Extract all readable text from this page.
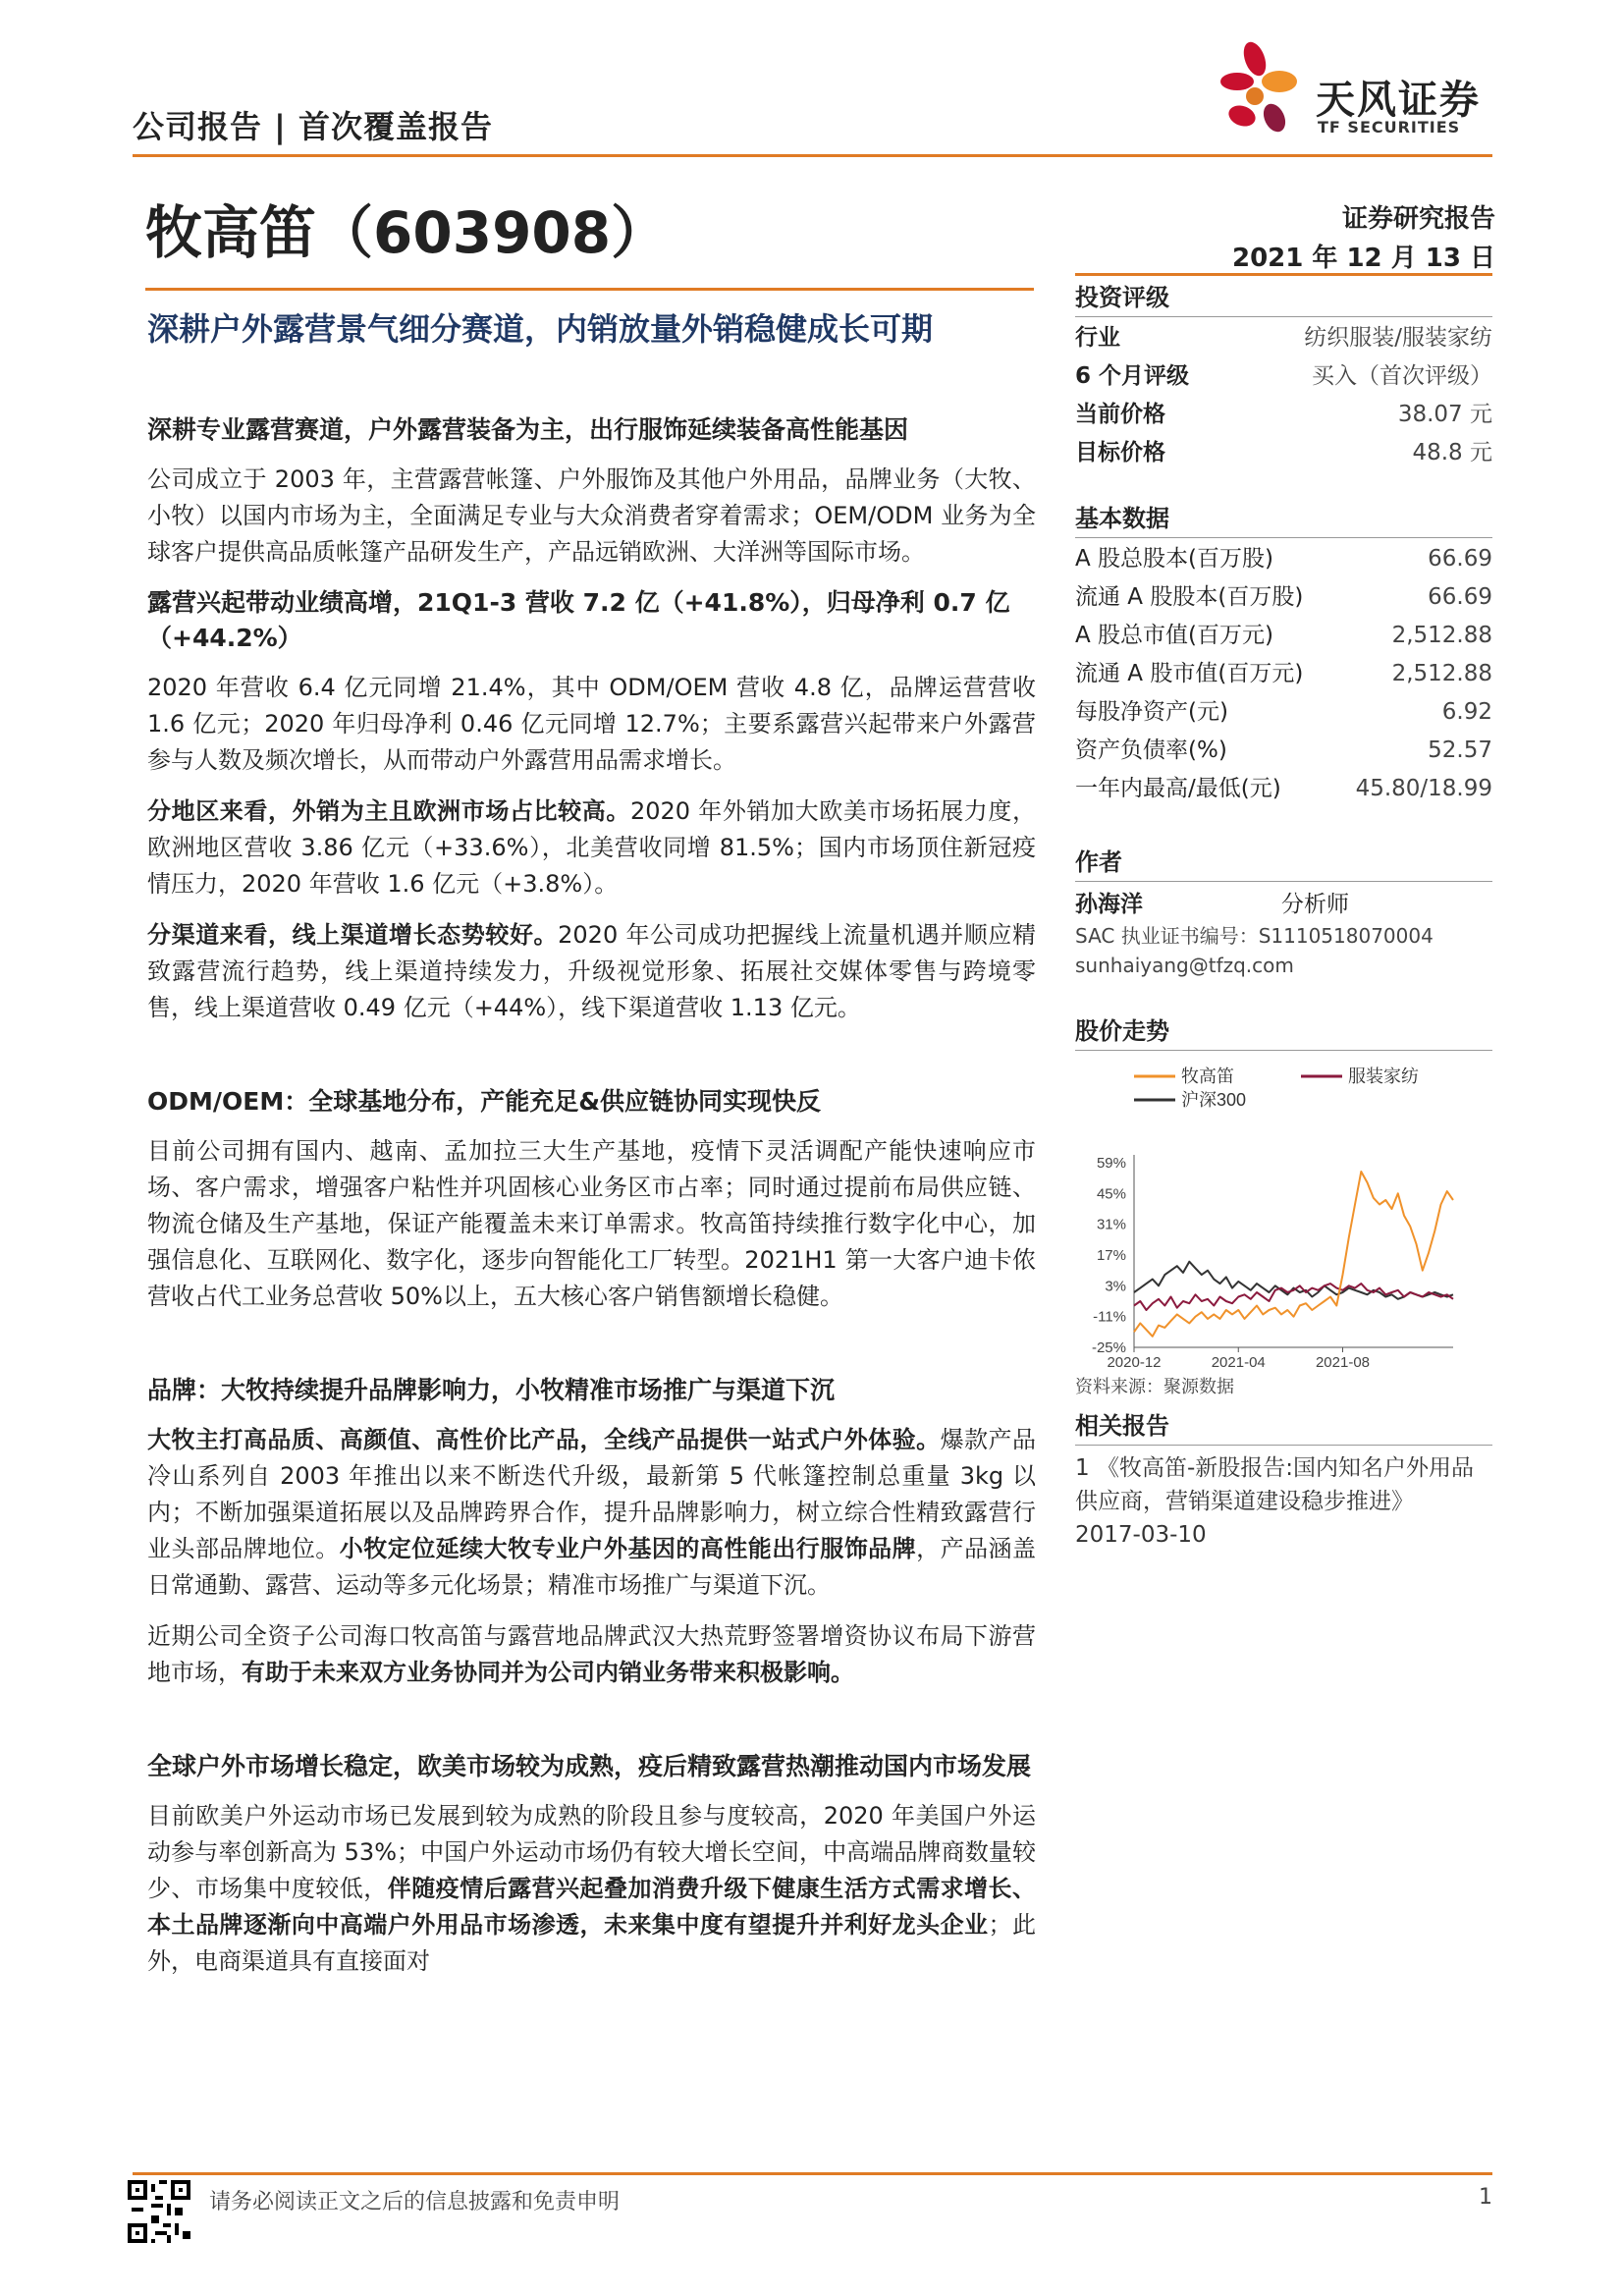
公司报告 | 首次覆盖报告
天风证券
TF SECURITIES
牧高笛（603908）	证券研究报告
2021 年 12 月 13 日
深耕户外露营景气细分赛道，内销放量外销稳健成长可期
深耕专业露营赛道，户外露营装备为主，出行服饰延续装备高性能基因

公司成立于 2003 年，主营露营帐篷、户外服饰及其他户外用品，品牌业务（大牧、小牧）以国内市场为主，全面满足专业与大众消费者穿着需求；OEM/ODM 业务为全球客户提供高品质帐篷产品研发生产，产品远销欧洲、大洋洲等国际市场。

露营兴起带动业绩高增，21Q1-3 营收 7.2 亿（+41.8%），归母净利 0.7 亿（+44.2%）

2020 年营收 6.4 亿元同增 21.4%，其中 ODM/OEM 营收 4.8 亿，品牌运营营收 1.6 亿元；2020 年归母净利 0.46 亿元同增 12.7%；主要系露营兴起带来户外露营参与人数及频次增长，从而带动户外露营用品需求增长。

分地区来看，外销为主且欧洲市场占比较高。2020 年外销加大欧美市场拓展力度，欧洲地区营收 3.86 亿元（+33.6%），北美营收同增 81.5%；国内市场顶住新冠疫情压力，2020 年营收 1.6 亿元（+3.8%）。

分渠道来看，线上渠道增长态势较好。2020 年公司成功把握线上流量机遇并顺应精致露营流行趋势，线上渠道持续发力，升级视觉形象、拓展社交媒体零售与跨境零售，线上渠道营收 0.49 亿元（+44%），线下渠道营收 1.13 亿元。

ODM/OEM：全球基地分布，产能充足&供应链协同实现快反

目前公司拥有国内、越南、孟加拉三大生产基地，疫情下灵活调配产能快速响应市场、客户需求，增强客户粘性并巩固核心业务区市占率；同时通过提前布局供应链、物流仓储及生产基地，保证产能覆盖未来订单需求。牧高笛持续推行数字化中心，加强信息化、互联网化、数字化，逐步向智能化工厂转型。2021H1 第一大客户迪卡侬营收占代工业务总营收 50%以上，五大核心客户销售额增长稳健。

品牌：大牧持续提升品牌影响力，小牧精准市场推广与渠道下沉

大牧主打高品质、高颜值、高性价比产品，全线产品提供一站式户外体验。爆款产品冷山系列自 2003 年推出以来不断迭代升级，最新第 5 代帐篷控制总重量 3kg 以内；不断加强渠道拓展以及品牌跨界合作，提升品牌影响力，树立综合性精致露营行业头部品牌地位。小牧定位延续大牧专业户外基因的高性能出行服饰品牌，产品涵盖日常通勤、露营、运动等多元化场景；精准市场推广与渠道下沉。

近期公司全资子公司海口牧高笛与露营地品牌武汉大热荒野签署增资协议布局下游营地市场，有助于未来双方业务协同并为公司内销业务带来积极影响。

全球户外市场增长稳定，欧美市场较为成熟，疫后精致露营热潮推动国内市场发展

目前欧美户外运动市场已发展到较为成熟的阶段且参与度较高，2020 年美国户外运动参与率创新高为 53%；中国户外运动市场仍有较大增长空间，中高端品牌商数量较少、市场集中度较低，伴随疫情后露营兴起叠加消费升级下健康生活方式需求增长、本土品牌逐渐向中高端户外用品市场渗透，未来集中度有望提升并利好龙头企业；此外，电商渠道具有直接面对

投资评级
行业	纺织服装/服装家纺
6 个月评级	买入（首次评级）
当前价格	38.07 元
目标价格	48.8 元
基本数据
A 股总股本(百万股)	66.69
流通 A 股股本(百万股)	66.69
A 股总市值(百万元)	2,512.88
流通 A 股市值(百万元)	2,512.88
每股净资产(元)	6.92
资产负债率(%)	52.57
一年内最高/最低(元)	45.80/18.99
作者
孙海洋	分析师
SAC 执业证书编号：S1110518070004
sunhaiyang@tfzq.com
股价走势
牧高笛	服装家纺
沪深300
59%
45%
31%
17%
3%
-11%
-25%
2020-12	2021-04	2021-08
资料来源：聚源数据
相关报告
1 《牧高笛-新股报告:国内知名户外用品供应商，营销渠道建设稳步推进》
2017-03-10
请务必阅读正文之后的信息披露和免责申明	1
